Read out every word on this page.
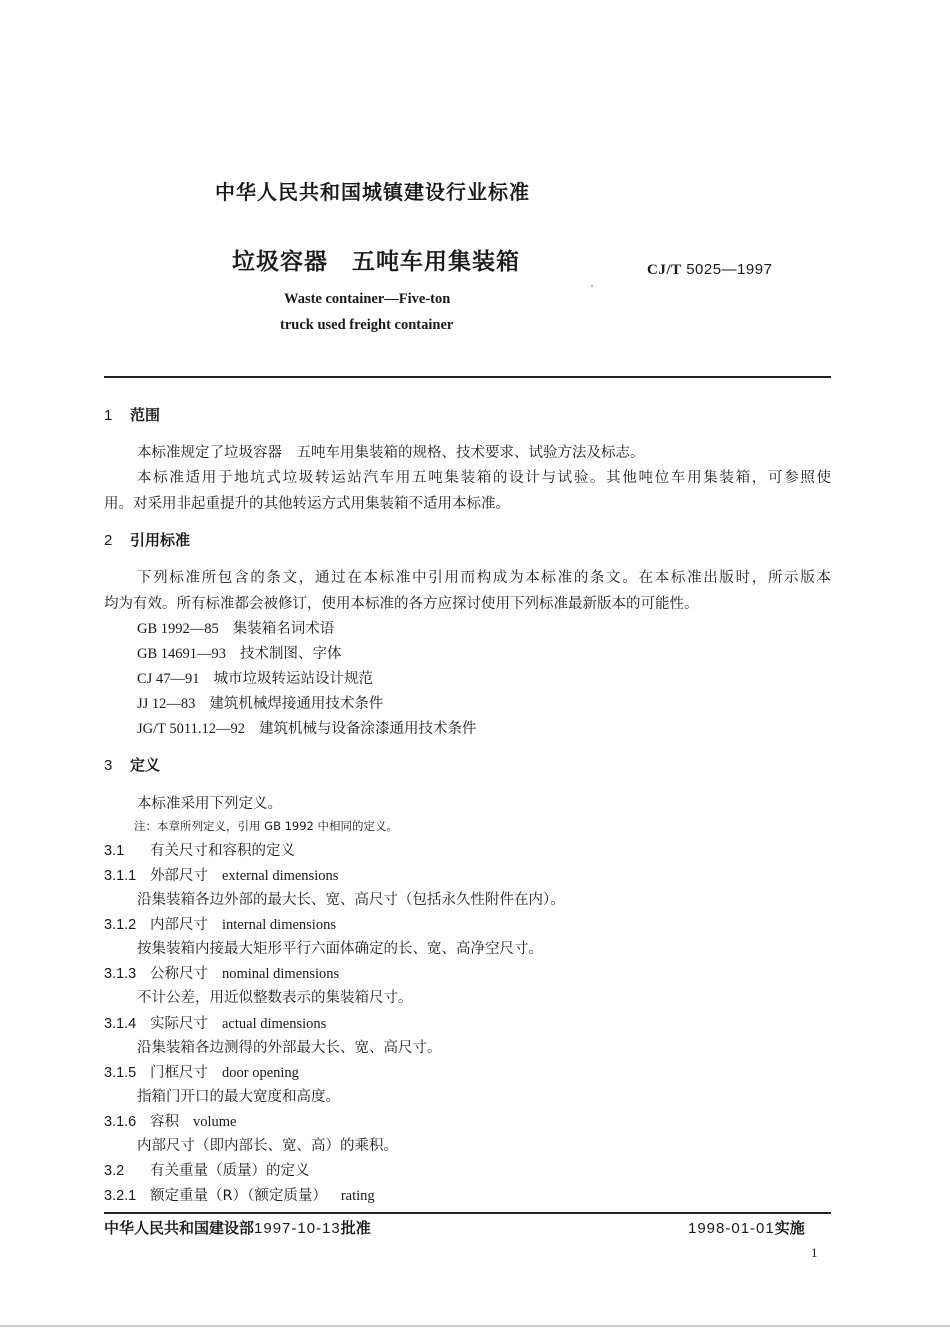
中华人民共和国城镇建设行业标准
垃圾容器　五吨车用集装箱	CJ/T 5025—1997
Waste container—Five-ton
truck used freight container
1 范围
本标准规定了垃圾容器　五吨车用集装箱的规格、技术要求、试验方法及标志。
本标准适用于地坑式垃圾转运站汽车用五吨集装箱的设计与试验。其他吨位车用集装箱，可参照使
用。对采用非起重提升的其他转运方式用集装箱不适用本标准。
2 引用标准
下列标准所包含的条文，通过在本标准中引用而构成为本标准的条文。在本标准出版时，所示版本
均为有效。所有标准都会被修订，使用本标准的各方应探讨使用下列标准最新版本的可能性。
GB 1992—85 集装箱名词术语
GB 14691—93 技术制图、字体
CJ 47—91 城市垃圾转运站设计规范
JJ 12—83 建筑机械焊接通用技术条件
JG/T 5011.12—92 建筑机械与设备涂漆通用技术条件
3 定义
本标准采用下列定义。
注：本章所列定义，引用 GB 1992 中相同的定义。
3.1 有关尺寸和容积的定义
3.1.1 外部尺寸 external dimensions
沿集装箱各边外部的最大长、宽、高尺寸（包括永久性附件在内）。
3.1.2 内部尺寸 internal dimensions
按集装箱内接最大矩形平行六面体确定的长、宽、高净空尺寸。
3.1.3 公称尺寸 nominal dimensions
不计公差，用近似整数表示的集装箱尺寸。
3.1.4 实际尺寸 actual dimensions
沿集装箱各边测得的外部最大长、宽、高尺寸。
3.1.5 门框尺寸 door opening
指箱门开口的最大宽度和高度。
3.1.6 容积 volume
内部尺寸（即内部长、宽、高）的乘积。
3.2 有关重量（质量）的定义
3.2.1 额定重量（R）（额定质量） rating
中华人民共和国建设部1997-10-13批准	1998-01-01实施
1
